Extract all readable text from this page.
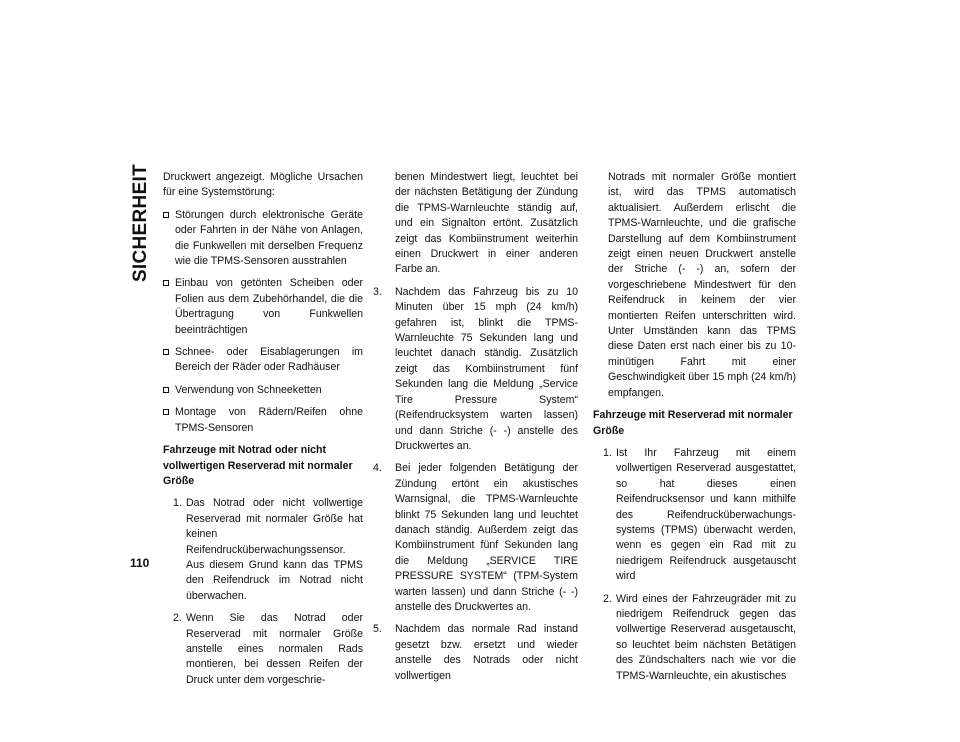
SICHERHEIT
110

Druckwert angezeigt. Mögliche Ursachen für eine Systemstörung:

Störungen durch elektronische Geräte oder Fahrten in der Nähe von Anlagen, die Funkwellen mit derselben Frequenz wie die TPMS-Sensoren ausstrahlen
Einbau von getönten Scheiben oder Folien aus dem Zubehörhandel, die die Übertragung von Funkwellen beeinträchtigen
Schnee- oder Eisablagerungen im Bereich der Räder oder Radhäuser
Verwendung von Schneeketten
Montage von Rädern/Reifen ohne TPMS-Sensoren
Fahrzeuge mit Notrad oder nicht vollwertigen Reserverad mit normaler Größe
1. Das Notrad oder nicht vollwertige Reserverad mit normaler Größe hat keinen Reifendrucküberwachungssensor. Aus diesem Grund kann das TPMS den Reifendruck im Notrad nicht überwachen.
2. Wenn Sie das Notrad oder Reserverad mit normaler Größe anstelle eines normalen Rads montieren, bei dessen Reifen der Druck unter dem vorgeschrie-

benen Mindestwert liegt, leuchtet bei der nächsten Betätigung der Zündung die TPMS-Warnleuchte ständig auf, und ein Signalton ertönt. Zusätzlich zeigt das Kombiinstrument weiterhin einen Druckwert in einer anderen Farbe an.

3. Nachdem das Fahrzeug bis zu 10 Minuten über 15 mph (24 km/h) gefahren ist, blinkt die TPMS-Warnleuchte 75 Sekunden lang und leuchtet danach ständig. Zusätzlich zeigt das Kombiinstrument fünf Sekunden lang die Meldung „Service Tire Pressure System“ (Reifendrucksystem warten lassen) und dann Striche (- -) anstelle des Druckwertes an.
4. Bei jeder folgenden Betätigung der Zündung ertönt ein akustisches Warnsignal, die TPMS-Warnleuchte blinkt 75 Sekunden lang und leuchtet danach ständig. Außerdem zeigt das Kombiinstrument fünf Sekunden lang die Meldung „SERVICE TIRE PRESSURE SYSTEM“ (TPM-System warten lassen) und dann Striche (- -) anstelle des Druckwertes an.
5. Nachdem das normale Rad instand gesetzt bzw. ersetzt und wieder anstelle des Notrads oder nicht vollwertigen

Notrads mit normaler Größe montiert ist, wird das TPMS automatisch aktualisiert. Außerdem erlischt die TPMS-Warnleuchte, und die grafische Darstellung auf dem Kombiinstrument zeigt einen neuen Druckwert anstelle der Striche (- -) an, sofern der vorgeschriebene Mindestwert für den Reifendruck in keinem der vier montierten Reifen unterschritten wird. Unter Umständen kann das TPMS diese Daten erst nach einer bis zu 10-minütigen Fahrt mit einer Geschwindigkeit über 15 mph (24 km/h) empfangen.

Fahrzeuge mit Reserverad mit normaler Größe
1. Ist Ihr Fahrzeug mit einem vollwertigen Reserverad ausgestattet, so hat dieses einen Reifendrucksensor und kann mithilfe des Reifendrucküberwachungs-systems (TPMS) überwacht werden, wenn es gegen ein Rad mit zu niedrigem Reifendruck ausgetauscht wird
2. Wird eines der Fahrzeugräder mit zu niedrigem Reifendruck gegen das vollwertige Reserverad ausgetauscht, so leuchtet beim nächsten Betätigen des Zündschalters nach wie vor die TPMS-Warnleuchte, ein akustisches
